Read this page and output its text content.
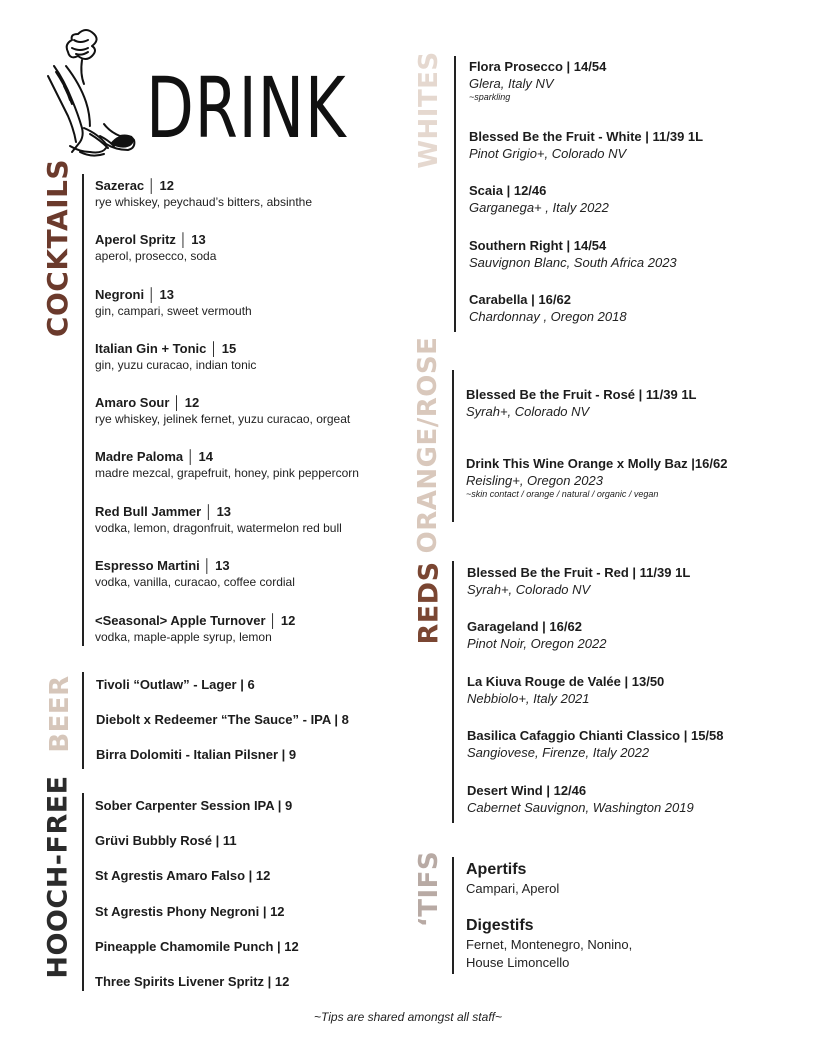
DRINK
COCKTAILS Sazerac │ 12
rye whiskey, peychaud’s bitters, absinthe
Aperol Spritz │ 13
aperol, prosecco, soda
Negroni │ 13
gin, campari, sweet vermouth
Italian Gin + Tonic │ 15
gin, yuzu curacao, indian tonic
Amaro Sour │ 12
rye whiskey, jelinek fernet, yuzu curacao, orgeat
Madre Paloma │ 14
madre mezcal, grapefruit, honey, pink peppercorn
Red Bull Jammer │ 13
vodka, lemon, dragonfruit, watermelon red bull
Espresso Martini │ 13
vodka, vanilla, curacao, coffee cordial
<Seasonal> Apple Turnover │ 12
vodka, maple-apple syrup, lemon
BEER Tivoli “Outlaw” - Lager | 6
Diebolt x Redeemer “The Sauce” - IPA | 8
Birra Dolomiti - Italian Pilsner | 9
HOOCH-FREE Sober Carpenter Session IPA | 9
Grüvi Bubbly Rosé | 11
St Agrestis Amaro Falso | 12
St Agrestis Phony Negroni | 12
Pineapple Chamomile Punch | 12
Three Spirits Livener Spritz | 12
WHITES Flora Prosecco | 14/54
Glera, Italy NV
~sparkling
Blessed Be the Fruit - White | 11/39 1L
Pinot Grigio+, Colorado NV
Scaia | 12/46
Garganega+ , Italy 2022
Southern Right | 14/54
Sauvignon Blanc, South Africa 2023
Carabella | 16/62
Chardonnay , Oregon 2018
ORANGE/ROSE Blessed Be the Fruit - Rosé | 11/39 1L
Syrah+, Colorado NV
Drink This Wine Orange x Molly Baz |16/62
Reisling+, Oregon 2023
~skin contact / orange / natural / organic / vegan
REDS Blessed Be the Fruit - Red | 11/39 1L
Syrah+, Colorado NV
Garageland | 16/62
Pinot Noir, Oregon 2022
La Kiuva Rouge de Valée | 13/50
Nebbiolo+, Italy 2021
Basilica Cafaggio Chianti Classico | 15/58
Sangiovese, Firenze, Italy 2022
Desert Wind | 12/46
Cabernet Sauvignon, Washington 2019
‘TIFS Apertifs
Campari, Aperol
Digestifs
Fernet, Montenegro, Nonino, House Limoncello
~Tips are shared amongst all staff~
